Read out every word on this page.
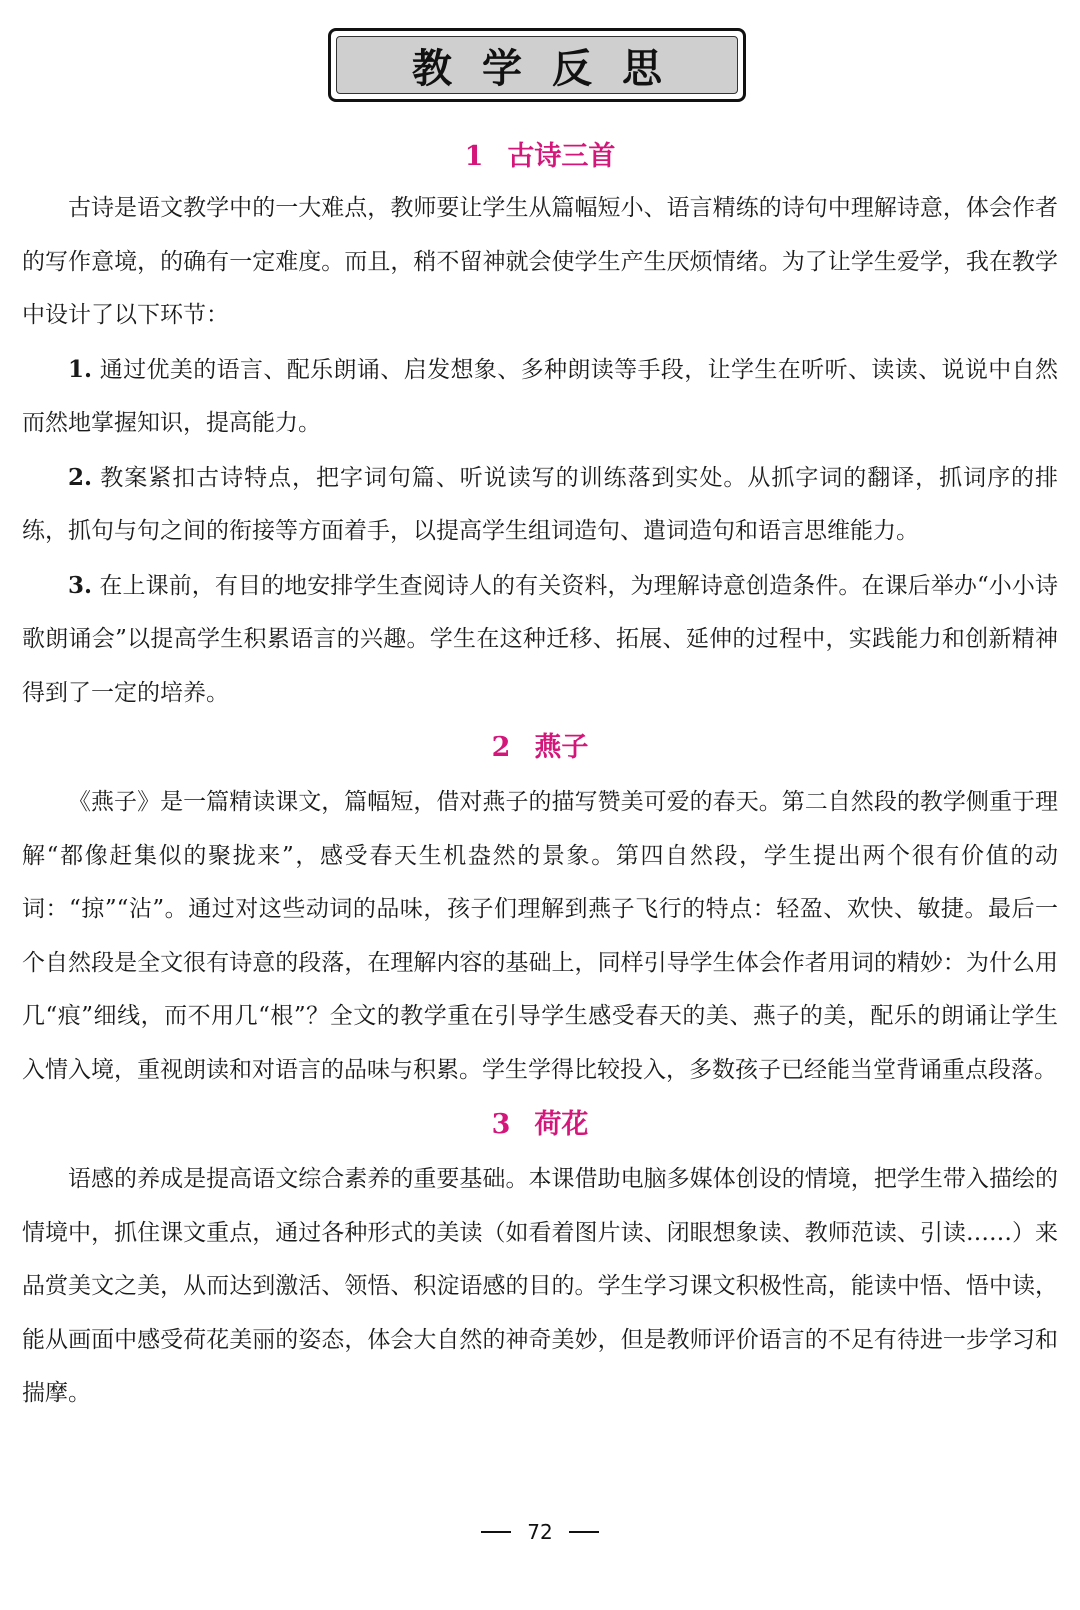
教学反思
1 古诗三首

古诗是语文教学中的一大难点，教师要让学生从篇幅短小、语言精练的诗句中理解诗意，体会作者的写作意境，的确有一定难度。而且，稍不留神就会使学生产生厌烦情绪。为了让学生爱学，我在教学中设计了以下环节：

1. 通过优美的语言、配乐朗诵、启发想象、多种朗读等手段，让学生在听听、读读、说说中自然而然地掌握知识，提高能力。

2. 教案紧扣古诗特点，把字词句篇、听说读写的训练落到实处。从抓字词的翻译，抓词序的排练，抓句与句之间的衔接等方面着手，以提高学生组词造句、遣词造句和语言思维能力。

3. 在上课前，有目的地安排学生查阅诗人的有关资料，为理解诗意创造条件。在课后举办“小小诗歌朗诵会”以提高学生积累语言的兴趣。学生在这种迁移、拓展、延伸的过程中，实践能力和创新精神得到了一定的培养。

2 燕子

《燕子》是一篇精读课文，篇幅短，借对燕子的描写赞美可爱的春天。第二自然段的教学侧重于理解“都像赶集似的聚拢来”，感受春天生机盎然的景象。第四自然段，学生提出两个很有价值的动词：“掠”“沾”。通过对这些动词的品味，孩子们理解到燕子飞行的特点：轻盈、欢快、敏捷。最后一个自然段是全文很有诗意的段落，在理解内容的基础上，同样引导学生体会作者用词的精妙：为什么用几“痕”细线，而不用几“根”？全文的教学重在引导学生感受春天的美、燕子的美，配乐的朗诵让学生入情入境，重视朗读和对语言的品味与积累。学生学得比较投入，多数孩子已经能当堂背诵重点段落。

3 荷花

语感的养成是提高语文综合素养的重要基础。本课借助电脑多媒体创设的情境，把学生带入描绘的情境中，抓住课文重点，通过各种形式的美读（如看着图片读、闭眼想象读、教师范读、引读……）来品赏美文之美，从而达到激活、领悟、积淀语感的目的。学生学习课文积极性高，能读中悟、悟中读，能从画面中感受荷花美丽的姿态，体会大自然的神奇美妙，但是教师评价语言的不足有待进一步学习和揣摩。

72
